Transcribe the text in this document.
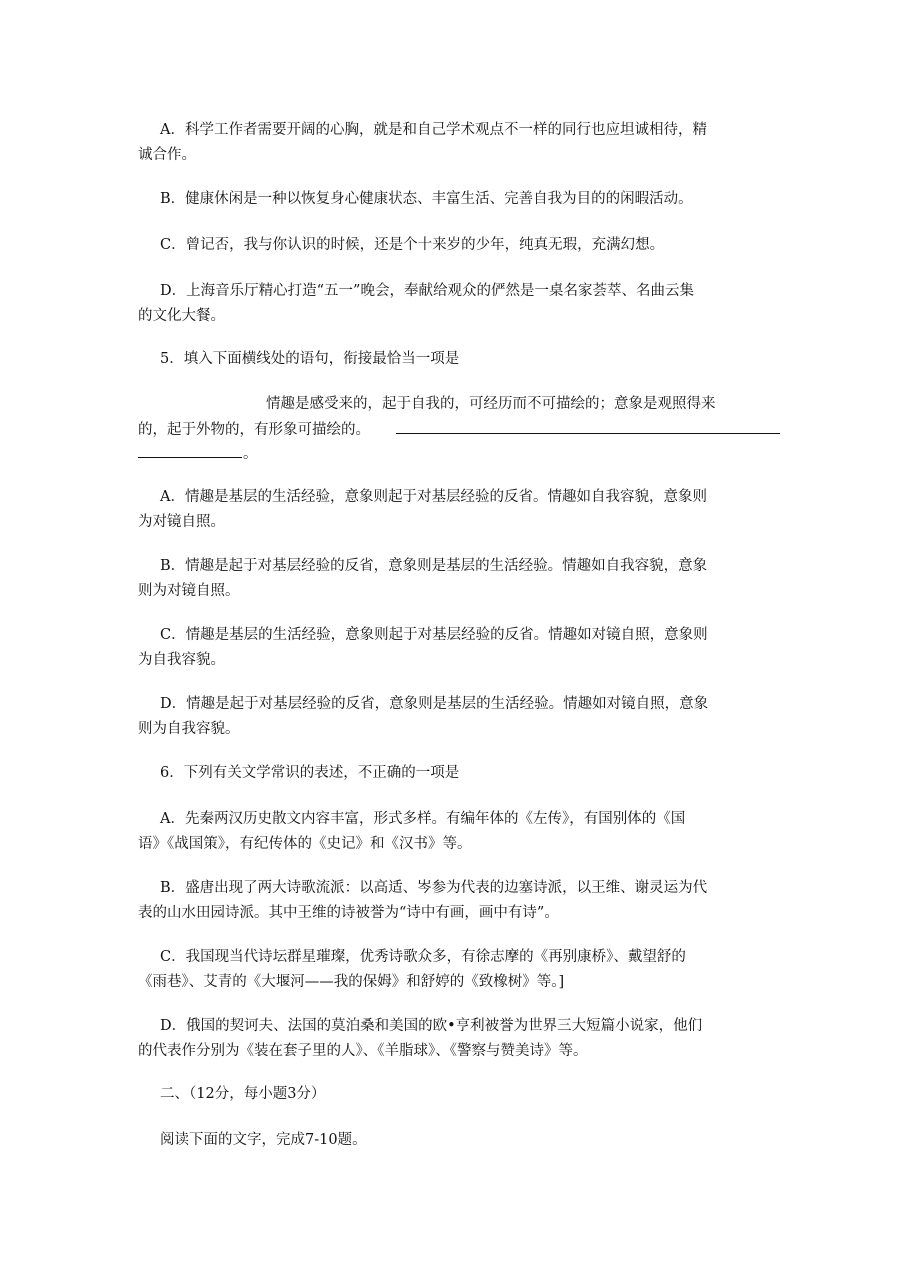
A．科学工作者需要开阔的心胸，就是和自己学术观点不一样的同行也应坦诚相待，精
诚合作。

B．健康休闲是一种以恢复身心健康状态、丰富生活、完善自我为目的的闲暇活动。

C．曾记否，我与你认识的时候，还是个十来岁的少年，纯真无瑕，充满幻想。

D．上海音乐厅精心打造“五一”晚会，奉献给观众的俨然是一桌名家荟萃、名曲云集
的文化大餐。

5．填入下面横线处的语句，衔接最恰当一项是

情趣是感受来的，起于自我的，可经历而不可描绘的；意象是观照得来
的，起于外物的，有形象可描绘的。
。

A．情趣是基层的生活经验，意象则起于对基层经验的反省。情趣如自我容貌，意象则
为对镜自照。

B．情趣是起于对基层经验的反省，意象则是基层的生活经验。情趣如自我容貌，意象
则为对镜自照。

C．情趣是基层的生活经验，意象则起于对基层经验的反省。情趣如对镜自照，意象则
为自我容貌。

D．情趣是起于对基层经验的反省，意象则是基层的生活经验。情趣如对镜自照，意象
则为自我容貌。

6．下列有关文学常识的表述，不正确的一项是

A．先秦两汉历史散文内容丰富，形式多样。有编年体的《左传》，有国别体的《国
语》《战国策》，有纪传体的《史记》和《汉书》等。

B．盛唐出现了两大诗歌流派：以高适、岑参为代表的边塞诗派，以王维、谢灵运为代
表的山水田园诗派。其中王维的诗被誉为“诗中有画，画中有诗”。

C．我国现当代诗坛群星璀璨，优秀诗歌众多，有徐志摩的《再别康桥》、戴望舒的
《雨巷》、艾青的《大堰河——我的保姆》和舒婷的《致橡树》等。]

D．俄国的契诃夫、法国的莫泊桑和美国的欧•亨利被誉为世界三大短篇小说家，他们
的代表作分别为《装在套子里的人》、《羊脂球》、《警察与赞美诗》等。

二、（12分，每小题3分）

阅读下面的文字，完成7-10题。
